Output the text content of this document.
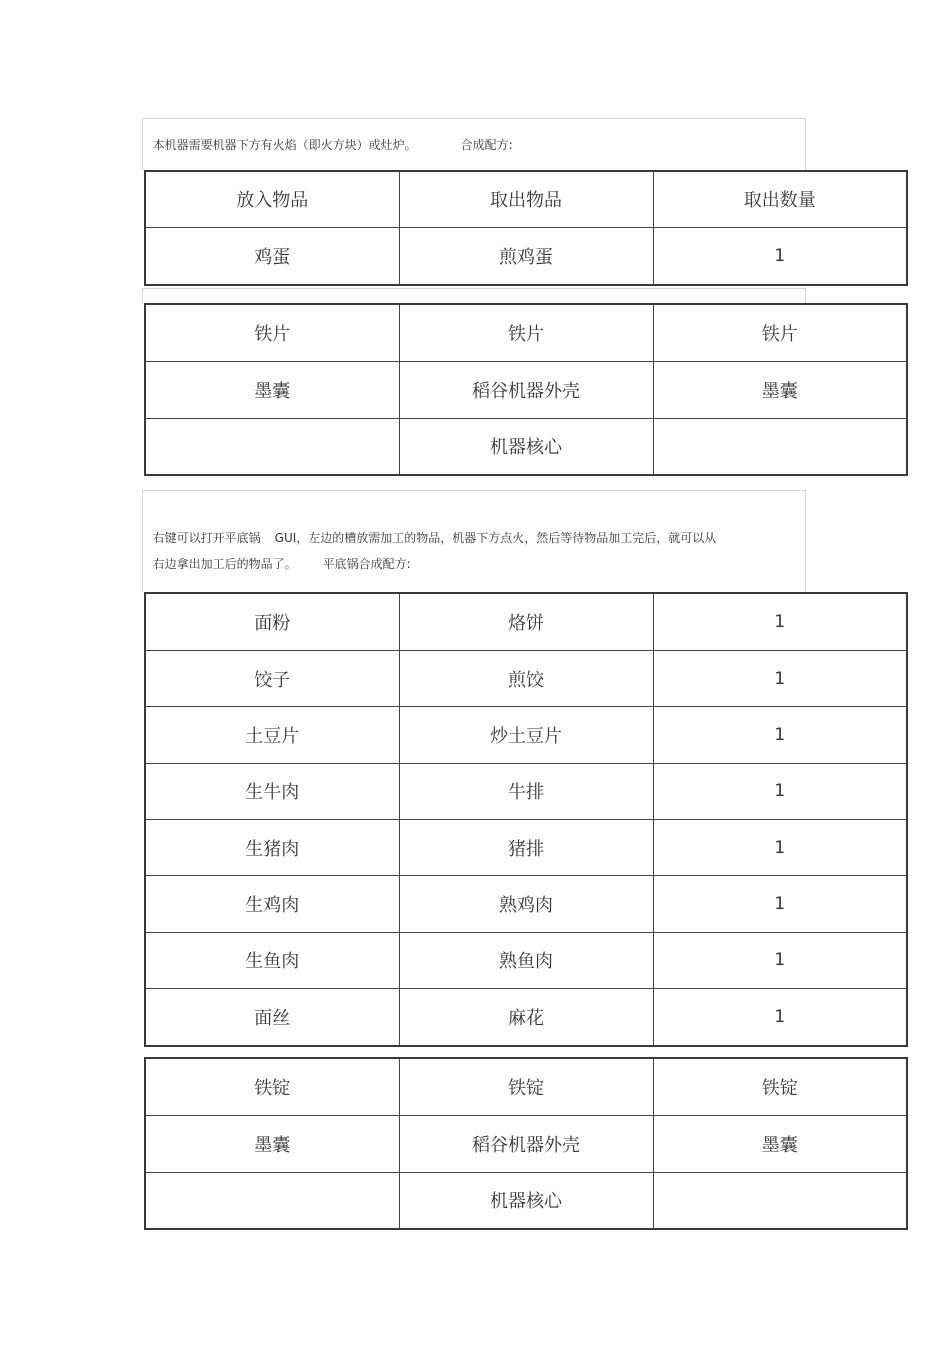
本机器需要机器下方有火焰（即火方块）或灶炉。	合成配方:

放入物品	取出物品	取出数量
鸡蛋	煎鸡蛋	1
铁片	铁片	铁片
墨囊	稻谷机器外壳	墨囊
	机器核心	

右键可以打开平底锅 GUI，左边的槽放需加工的物品，机器下方点火，然后等待物品加工完后，就可以从

右边拿出加工后的物品了。 平底锅合成配方:

面粉	烙饼	1
饺子	煎饺	1
土豆片	炒土豆片	1
生牛肉	牛排	1
生猪肉	猪排	1
生鸡肉	熟鸡肉	1
生鱼肉	熟鱼肉	1
面丝	麻花	1
铁锭	铁锭	铁锭
墨囊	稻谷机器外壳	墨囊
	机器核心	
